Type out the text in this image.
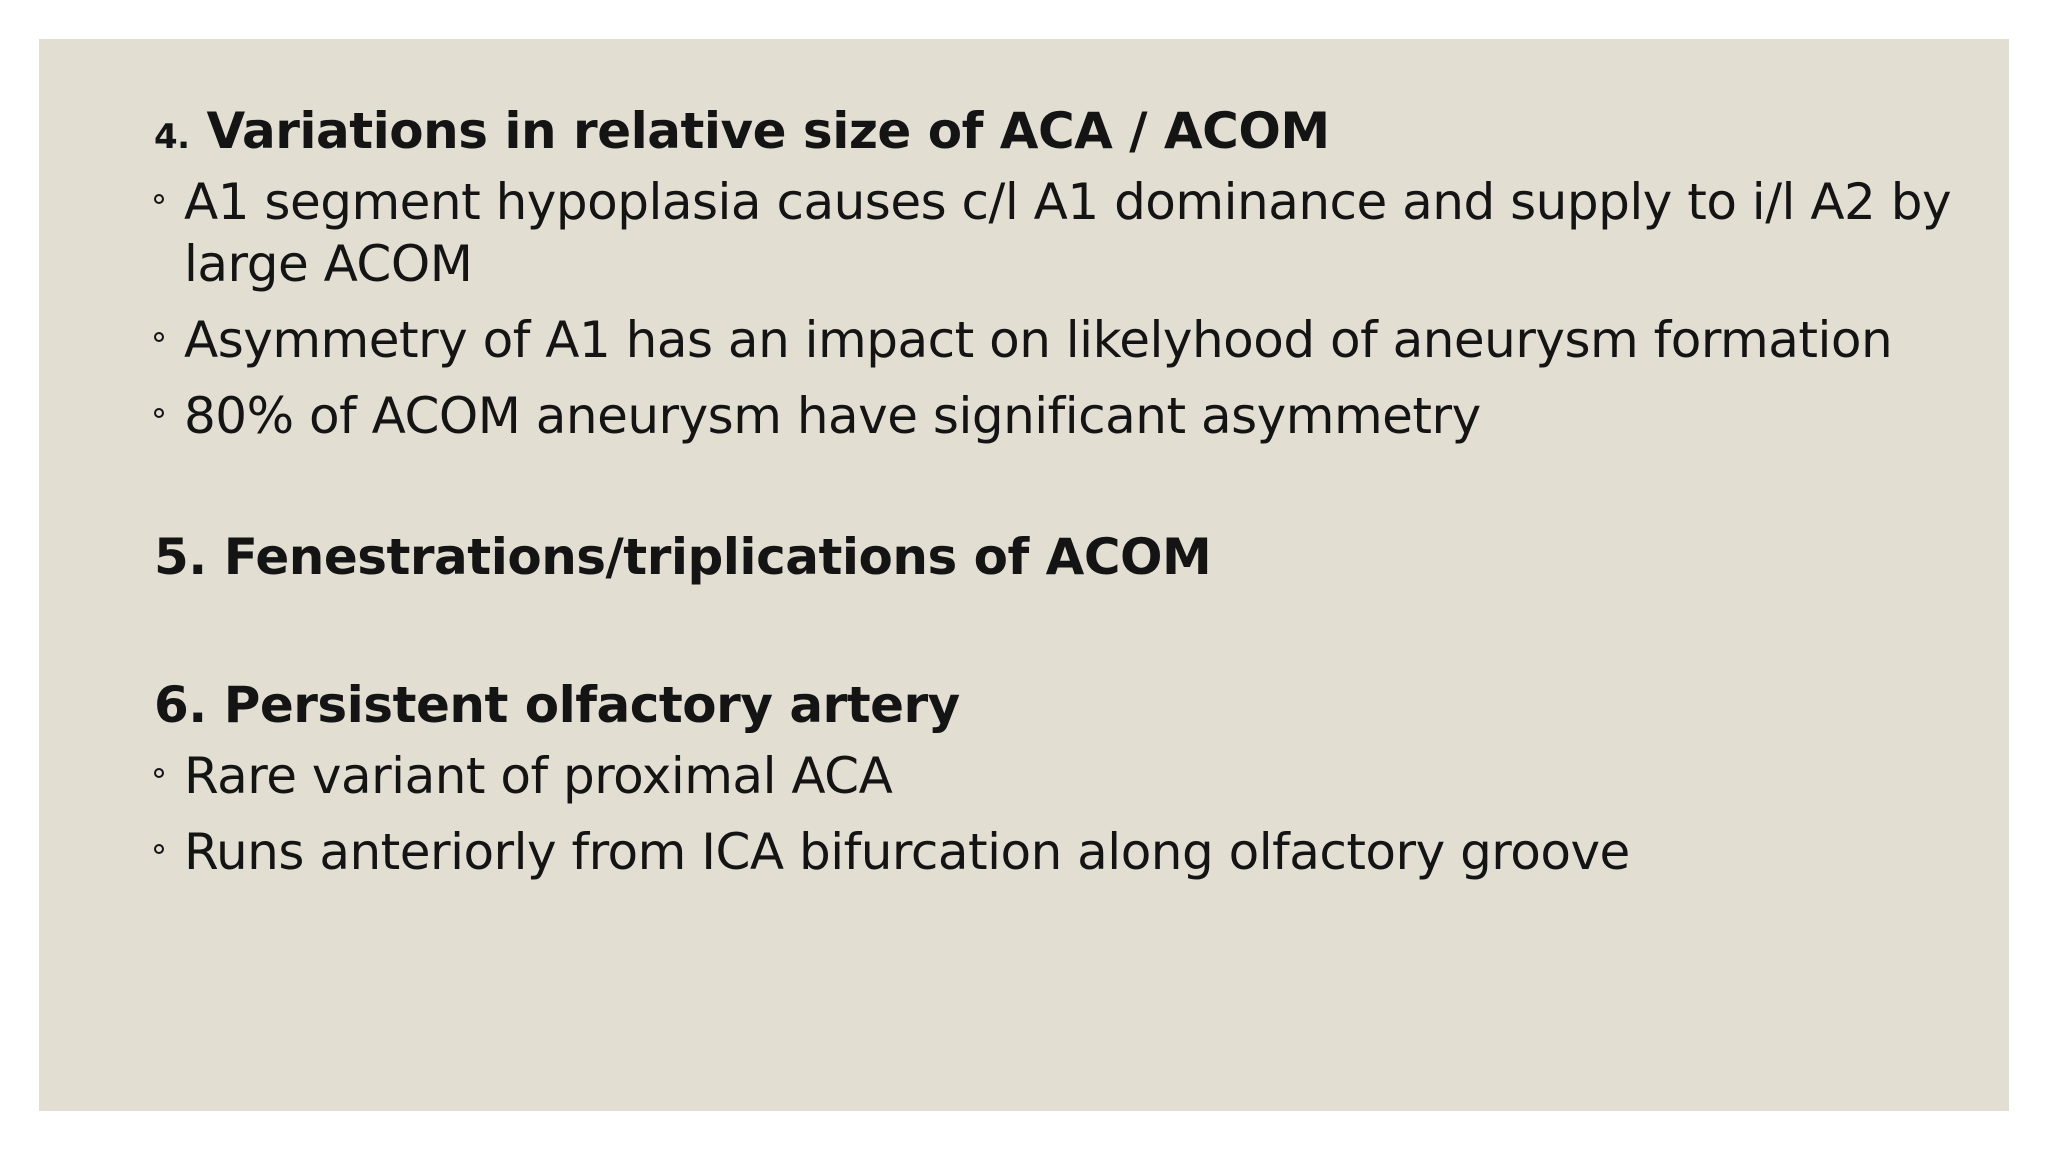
4. Variations in relative size of ACA / ACOM
A1 segment hypoplasia causes c/l A1 dominance and supply to i/l A2 by large ACOM
Asymmetry of A1 has an impact on likelyhood of aneurysm formation
80% of ACOM aneurysm have significant asymmetry
5. Fenestrations/triplications of ACOM
6. Persistent olfactory artery
Rare variant of proximal ACA
Runs anteriorly from ICA bifurcation along olfactory groove
